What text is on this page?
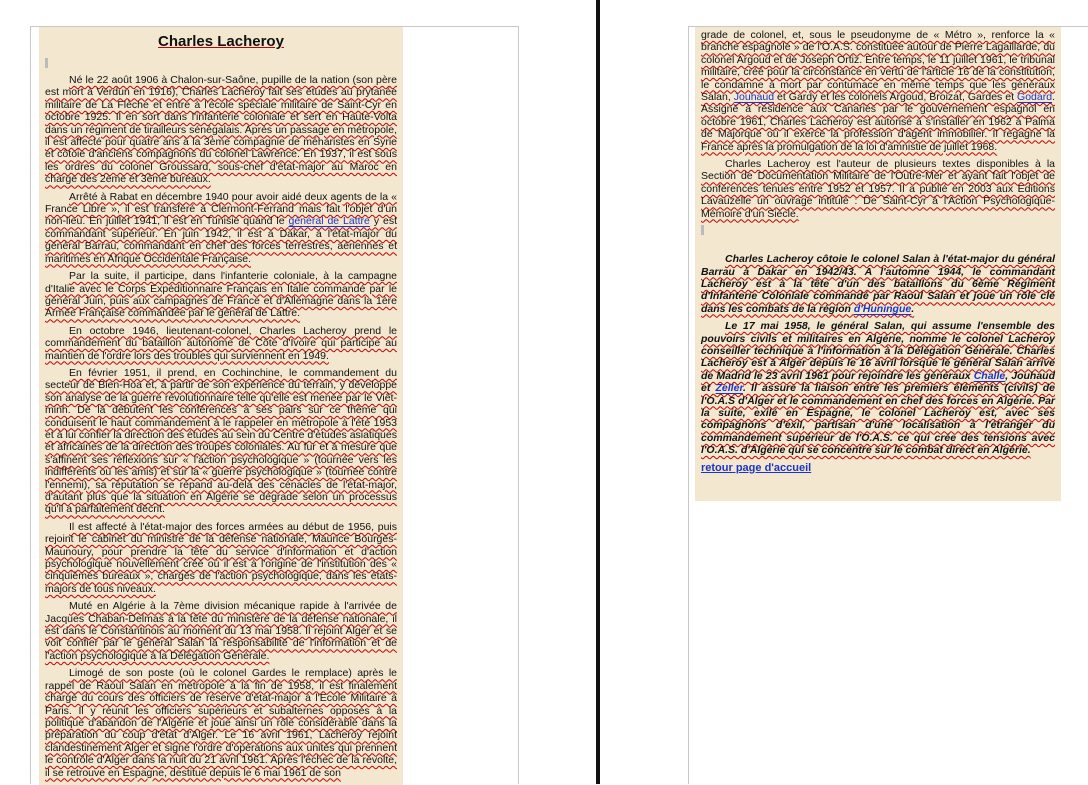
Charles Lacheroy

Né le 22 août 1906 à Chalon-sur-Saône, pupille de la nation (son père est mort à Verdun en 1916), Charles Lacheroy fait ses études au prytanée militaire de La Flèche et entre à l'école spéciale militaire de Saint-Cyr en octobre 1925. Il en sort dans l'infanterie coloniale et sert en Haute-Volta dans un régiment de tirailleurs sénégalais. Après un passage en métropole, il est affecté pour quatre ans à la 3ème compagnie de méharistes en Syrie et côtoie d'anciens compagnons du colonel Lawrence. En 1937, il est sous les ordres du colonel Groussard, sous-chef d'état-major au Maroc en charge des 2ème et 3ème bureaux.

Arrêté à Rabat en décembre 1940 pour avoir aidé deux agents de la « France Libre », il est transféré à Clermont-Ferrand mais fait l'objet d'un non-lieu. En juillet 1941, il est en Tunisie quand le général de Lattre y est commandant supérieur. En juin 1942, il est à Dakar, à l'état-major du général Barrau, commandant en chef des forces terrestres, aériennes et maritimes en Afrique Occidentale Française.

Par la suite, il participe, dans l'infanterie coloniale, à la campagne d'Italie avec le Corps Expéditionnaire Français en Italie commandé par le général Juin, puis aux campagnes de France et d'Allemagne dans la 1ère Armée Française commandée par le général de Lattre.

En octobre 1946, lieutenant-colonel, Charles Lacheroy prend le commandement du bataillon autonome de Côte d'Ivoire qui participe au maintien de l'ordre lors des troubles qui surviennent en 1949.

En février 1951, il prend, en Cochinchine, le commandement du secteur de Bien-Hoa et, à partir de son expérience du terrain, y développe son analyse de la guerre révolutionnaire telle qu'elle est menée par le Viêt-minh. De là débutent les conférences à ses pairs sur ce thème qui conduisent le haut commandement à le rappeler en métropole à l'été 1953 et à lui confier la direction des études au sein du Centre d'études asiatiques et africaines de la direction des troupes coloniales. Au fur et à mesure que s'affinent ses réflexions sur « l'action psychologique » (tournée vers les indifférents ou les amis) et sur la « guerre psychologique » (tournée contre l'ennemi), sa réputation se répand au-delà des cénacles de l'état-major, d'autant plus que la situation en Algérie se dégrade selon un processus qu'il a parfaitement décrit.

Il est affecté à l'état-major des forces armées au début de 1956, puis rejoint le cabinet du ministre de la défense nationale, Maurice Bourgès-Maunoury, pour prendre la tête du service d'information et d'action psychologique nouvellement créé où il est à l'origine de l'institution des « cinquièmes bureaux », chargés de l'action psychologique, dans les états-majors de tous niveaux.

Muté en Algérie à la 7ème division mécanique rapide à l'arrivée de Jacques Chaban-Delmas à la tête du ministère de la défense nationale, il est dans le Constantinois au moment du 13 mai 1958. Il rejoint Alger et se voit confier par le général Salan la responsabilité de l'information et de l'action psychologique à la Délégation Générale.

Limogé de son poste (où le colonel Gardes le remplace) après le rappel de Raoul Salan en métropole à la fin de 1958, il est finalement chargé du cours des officiers de réserve d'état-major à l'Ecole Militaire à Paris. Il y réunit les officiers supérieurs et subalternes opposés à la politique d'abandon de l'Algérie et joue ainsi un rôle considérable dans la préparation du coup d'état d'Alger. Le 16 avril 1961, Lacheroy rejoint clandestinement Alger et signe l'ordre d'opérations aux unités qui prennent le contrôle d'Alger dans la nuit du 21 avril 1961. Après l'échec de la révolte, il se retrouve en Espagne, destitué depuis le 6 mai 1961 de son

grade de colonel, et, sous le pseudonyme de « Métro », renforce la « branche espagnole » de l'O.A.S. constituée autour de Pierre Lagaillarde, du colonel Argoud et de Joseph Ortiz. Entre temps, le 11 juillet 1961, le tribunal militaire, créé pour la circonstance en vertu de l'article 16 de la constitution, le condamne à mort par contumace en même temps que les généraux Salan, Jouhaud et Gardy et les colonels Argoud, Broizat, Gardes et Godard. Assigné à résidence aux Canaries par le gouvernement espagnol en octobre 1961, Charles Lacheroy est autorisé à s'installer en 1962 à Palma de Majorque où il exerce la profession d'agent immobilier. Il regagne la France après la promulgation de la loi d'amnistie de juillet 1968.

Charles Lacheroy est l'auteur de plusieurs textes disponibles à la Section de Documentation Militaire de l'Outre-Mer et ayant fait l'objet de conférences tenues entre 1952 et 1957. Il a publié en 2003 aux Editions Lavauzelle un ouvrage intitulé : De Saint-Cyr à l'Action Psychologique-Mémoire d'un Siècle.

Charles Lacheroy côtoie le colonel Salan à l'état-major du général Barrau à Dakar en 1942/43. A l'automne 1944, le commandant Lacheroy est à la tête d'un des bataillons du 6ème Régiment d'Infanterie Coloniale commandé par Raoul Salan et joue un rôle clé dans les combats de la région d'Huningue.

Le 17 mai 1958, le général Salan, qui assume l'ensemble des pouvoirs civils et militaires en Algérie, nomme le colonel Lacheroy conseiller technique à l'information à la Délégation Générale. Charles Lacheroy est à Alger depuis le 16 avril lorsque le général Salan arrive de Madrid le 23 avril 1961 pour rejoindre les généraux Challe, Jouhaud et Zeller. Il assure la liaison entre les premiers éléments (civils) de l'O.A.S d'Alger et le commandement en chef des forces en Algérie. Par la suite, exilé en Espagne, le colonel Lacheroy est, avec ses compagnons d'exil, partisan d'une localisation à l'étranger du commandement supérieur de l'O.A.S. ce qui crée des tensions avec l'O.A.S. d'Algérie qui se concentre sur le combat direct en Algérie.

retour page d'accueil
